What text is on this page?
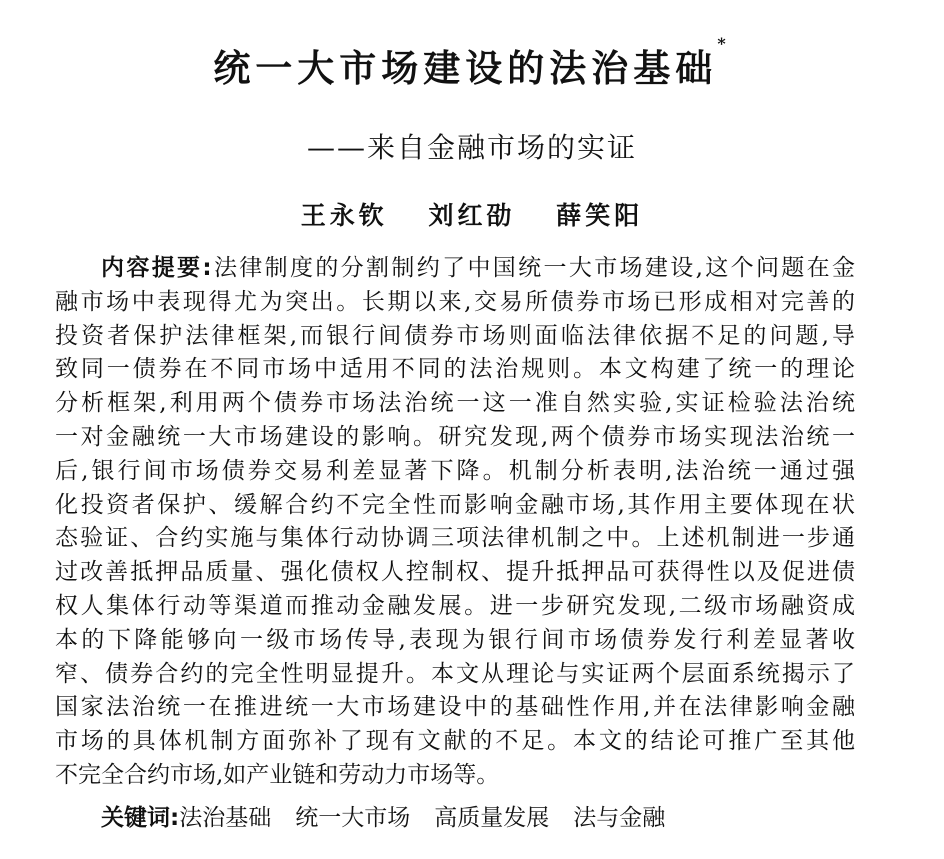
统一大市场建设的法治基础*
——来自金融市场的实证
王永钦 刘红劭 薛笑阳
内容提要:法律制度的分割制约了中国统一大市场建设,这个问题在金
融市场中表现得尤为突出。长期以来,交易所债券市场已形成相对完善的
投资者保护法律框架,而银行间债券市场则面临法律依据不足的问题,导
致同一债券在不同市场中适用不同的法治规则。本文构建了统一的理论
分析框架,利用两个债券市场法治统一这一准自然实验,实证检验法治统
一对金融统一大市场建设的影响。研究发现,两个债券市场实现法治统一
后,银行间市场债券交易利差显著下降。机制分析表明,法治统一通过强
化投资者保护、缓解合约不完全性而影响金融市场,其作用主要体现在状
态验证、合约实施与集体行动协调三项法律机制之中。上述机制进一步通
过改善抵押品质量、强化债权人控制权、提升抵押品可获得性以及促进债
权人集体行动等渠道而推动金融发展。进一步研究发现,二级市场融资成
本的下降能够向一级市场传导,表现为银行间市场债券发行利差显著收
窄、债券合约的完全性明显提升。本文从理论与实证两个层面系统揭示了
国家法治统一在推进统一大市场建设中的基础性作用,并在法律影响金融
市场的具体机制方面弥补了现有文献的不足。本文的结论可推广至其他
不完全合约市场,如产业链和劳动力市场等。
关键词:法治基础 统一大市场 高质量发展 法与金融
